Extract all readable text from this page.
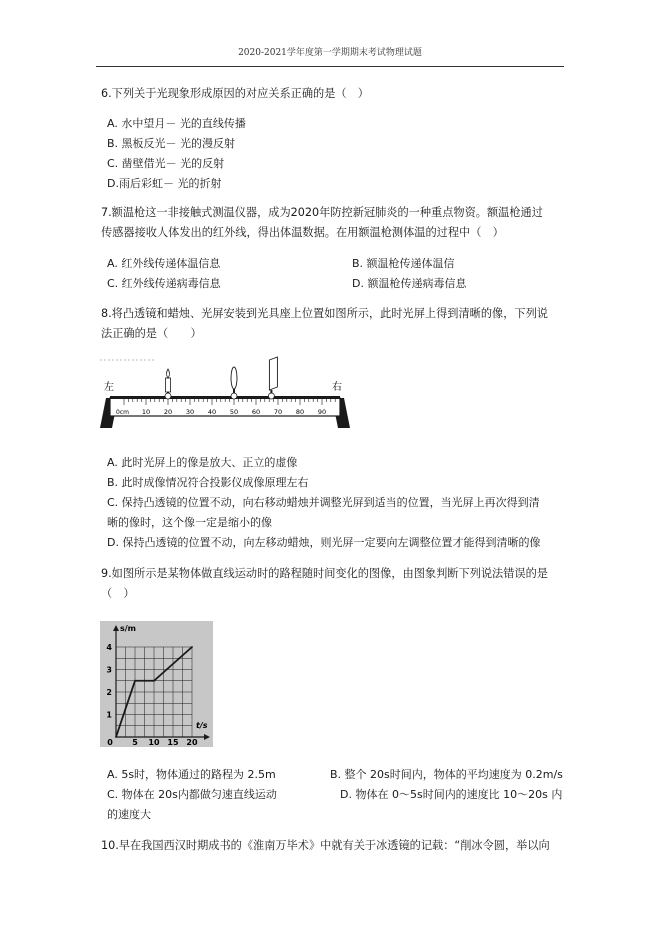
2020-2021学年度第一学期期末考试物理试题
6.下列关于光现象形成原因的对应关系正确的是（　）
A. 水中望月－ 光的直线传播
B. 黑板反光－ 光的漫反射
C. 凿壁借光－ 光的反射
D.雨后彩虹－ 光的折射
7.额温枪这一非接触式测温仪器，成为2020年防控新冠肺炎的一种重点物资。额温枪通过
传感器接收人体发出的红外线，得出体温数据。在用额温枪测体温的过程中（　）
A. 红外线传递体温信息	B. 额温枪传递体温信
C. 红外线传递病毒信息	D. 额温枪传递病毒信息
8.将凸透镜和蜡烛、光屏安装到光具座上位置如图所示，此时光屏上得到清晰的像，下列说
法正确的是（　　）
10 20 30 40 50 60 70 80 90
0cm
左	右
A. 此时光屏上的像是放大、正立的虚像
B. 此时成像情况符合投影仪成像原理左右
C. 保持凸透镜的位置不动，向右移动蜡烛并调整光屏到适当的位置，当光屏上再次得到清
晰的像时，这个像一定是缩小的像
D. 保持凸透镜的位置不动，向左移动蜡烛，则光屏一定要向左调整位置才能得到清晰的像
9.如图所示是某物体做直线运动时的路程随时间变化的图像，由图象判断下列说法错误的是
（　）
0 5 10 15 20
1
2
3
4
s/m
t/s
A. 5s时，物体通过的路程为 2.5m	B. 整个 20s时间内，物体的平均速度为 0.2m/s
C. 物体在 20s内都做匀速直线运动	D. 物体在 0～5s时间内的速度比 10～20s 内
的速度大
10.早在我国西汉时期成书的《淮南万毕术》中就有关于冰透镜的记载：“削冰令圆，举以向
